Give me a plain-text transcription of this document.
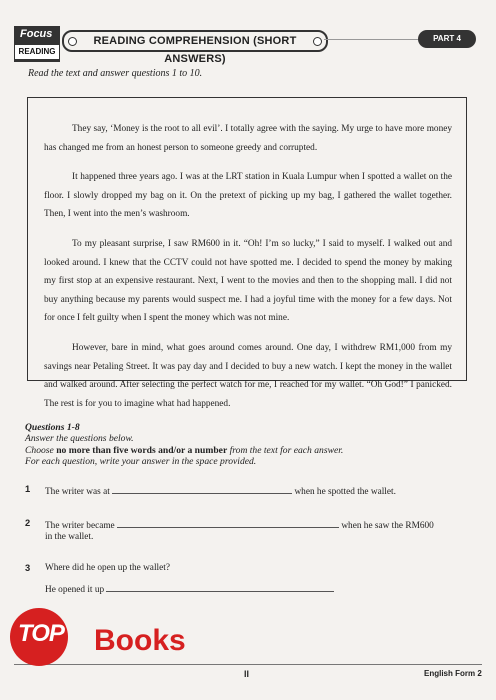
Focus
READING
READING COMPREHENSION (SHORT ANSWERS)
PART 4
Read the text and answer questions 1 to 10.

They say, ‘Money is the root to all evil’. I totally agree with the saying. My urge to have more money has changed me from an honest person to someone greedy and corrupted.

It happened three years ago. I was at the LRT station in Kuala Lumpur when I spotted a wallet on the floor. I slowly dropped my bag on it. On the pretext of picking up my bag, I gathered the wallet together. Then, I went into the men’s washroom.

To my pleasant surprise, I saw RM600 in it. “Oh! I’m so lucky,” I said to myself. I walked out and looked around. I knew that the CCTV could not have spotted me. I decided to spend the money by making my first stop at an expensive restaurant. Next, I went to the movies and then to the shopping mall. I did not buy anything because my parents would suspect me. I had a joyful time with the money for a few days. Not for once I felt guilty when I spent the money which was not mine.

However, bare in mind, what goes around comes around. One day, I withdrew RM1,000 from my savings near Petaling Street. It was pay day and I decided to buy a new watch. I kept the money in the wallet and walked around. After selecting the perfect watch for me, I reached for my wallet. “Oh God!” I panicked. The rest is for you to imagine what had happened.

Questions 1-8
Answer the questions below.
Choose no more than five words and/or a number from the text for each answer.
For each question, write your answer in the space provided.
1 The writer was at	when he spotted the wallet.
2 The writer became	when he saw the RM600
in the wallet.
3 Where did he open up the wallet?
He opened it up
ll	English Form 2
TOP Books
